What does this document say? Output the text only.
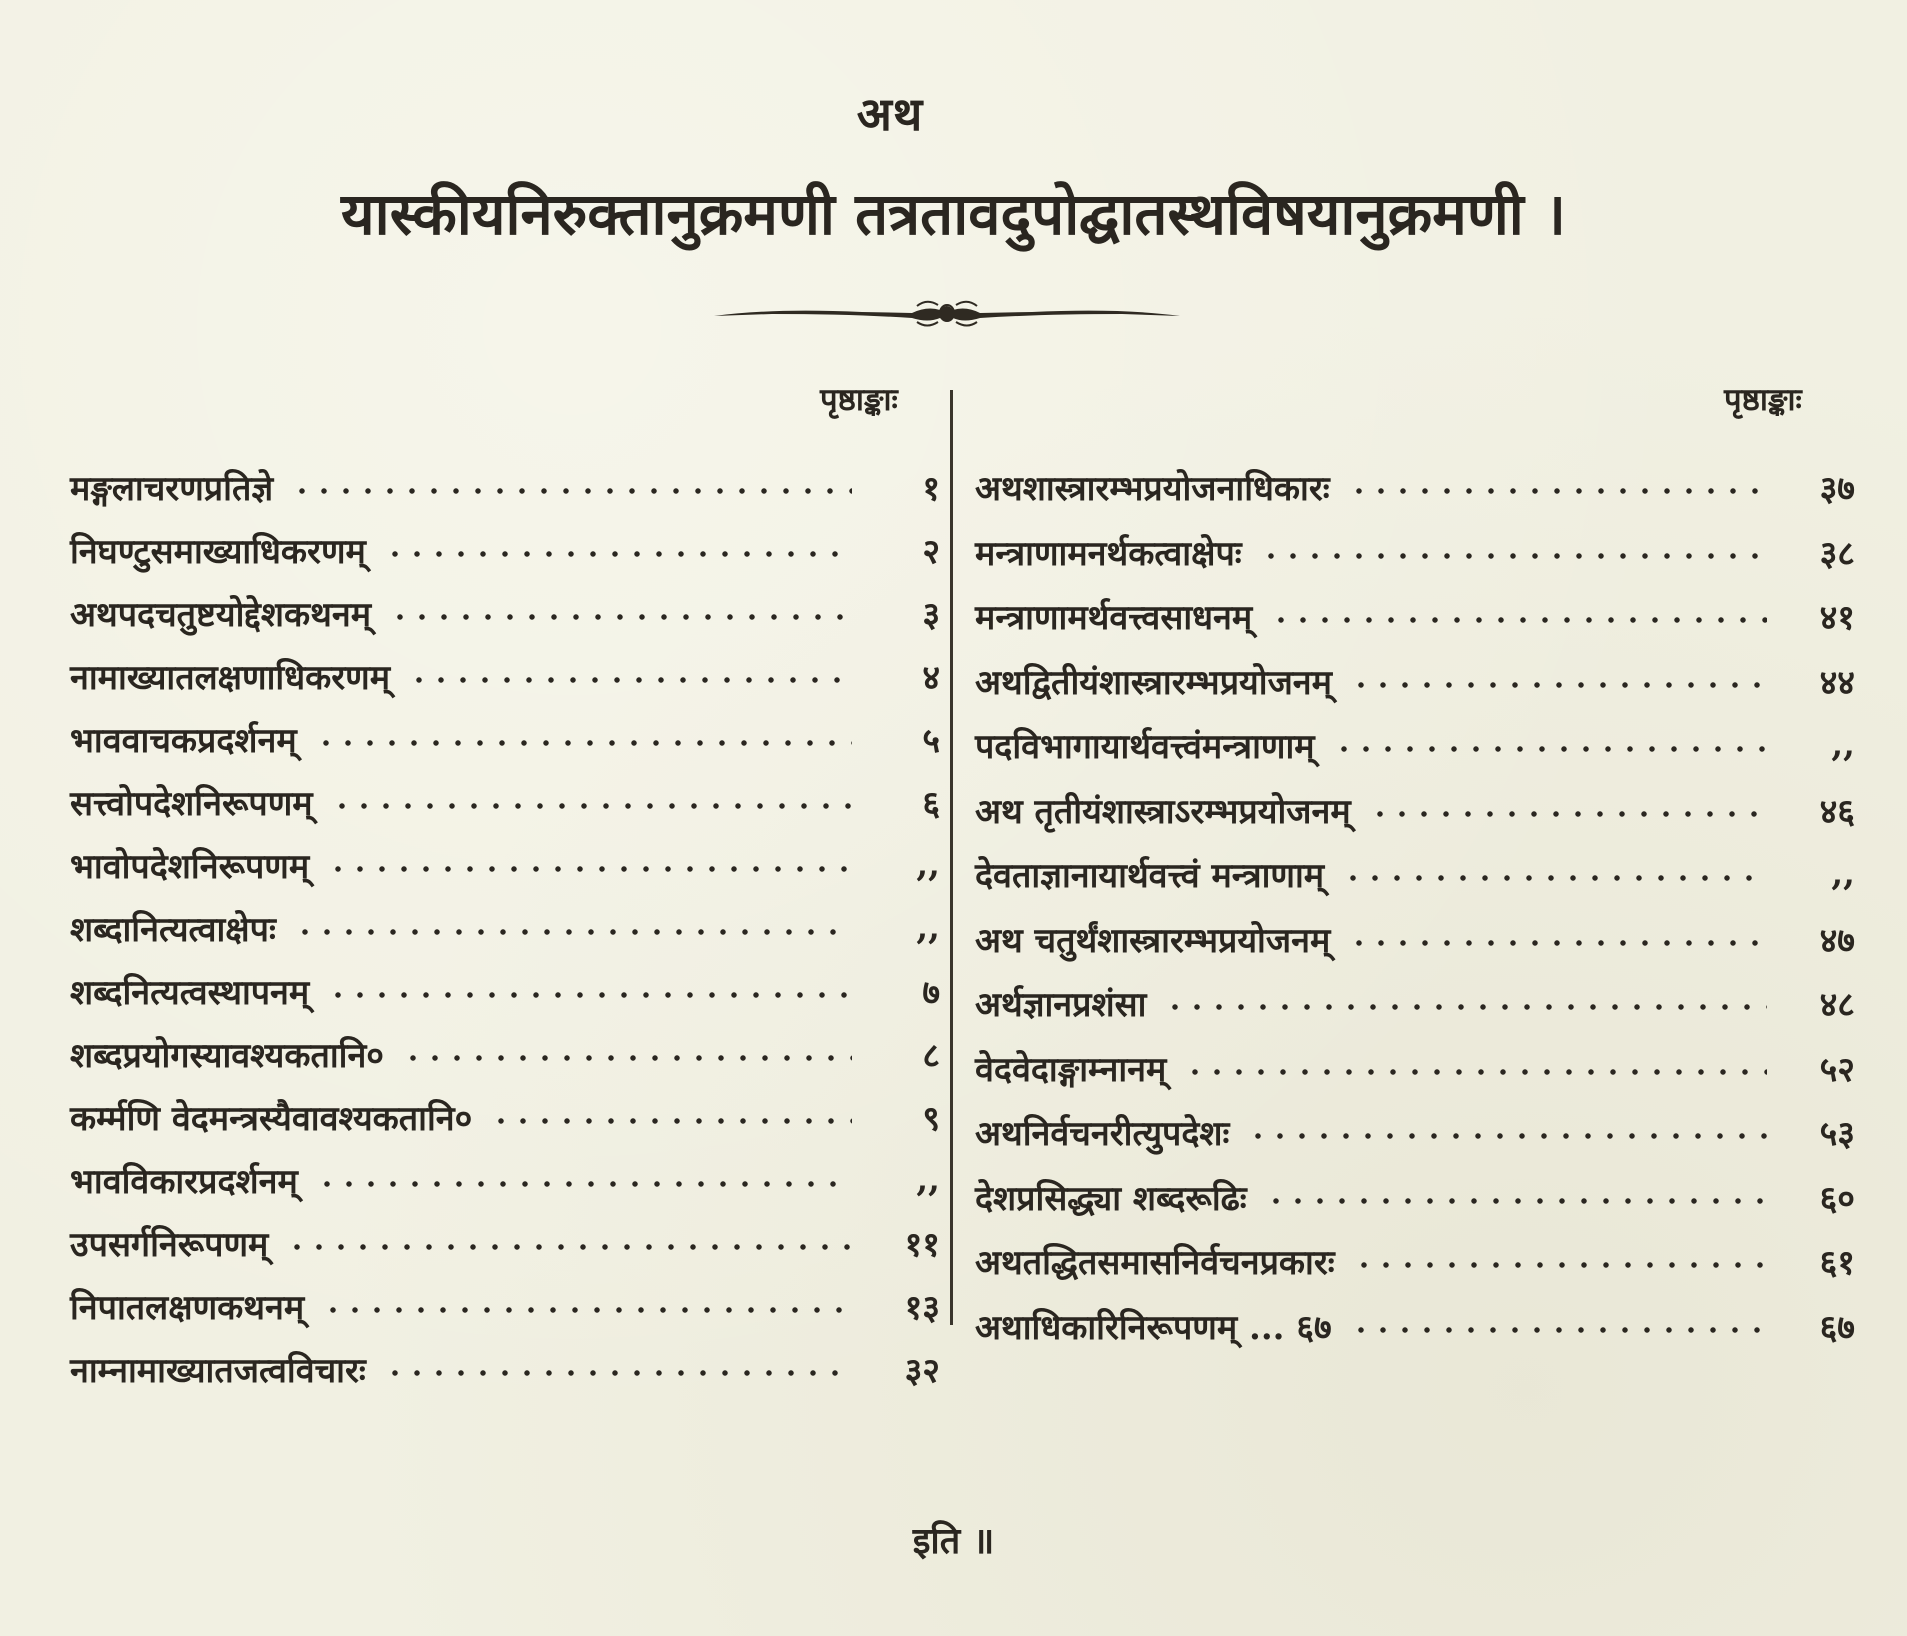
अथ
यास्कीयनिरुक्तानुक्रमणी तत्रतावदुपोद्घातस्थविषयानुक्रमणी ।
पृष्ठाङ्काः	पृष्ठाङ्काः
मङ्गलाचरणप्रतिज्ञे	१
निघण्टुसमाख्याधिकरणम्	२
अथपदचतुष्टयोद्देशकथनम्	३
नामाख्यातलक्षणाधिकरणम्	४
भाववाचकप्रदर्शनम्	५
सत्त्वोपदेशनिरूपणम्	६
भावोपदेशनिरूपणम्	,,
शब्दानित्यत्वाक्षेपः	,,
शब्दनित्यत्वस्थापनम्	७
शब्दप्रयोगस्यावश्यकतानि०	८
कर्म्मणि वेदमन्त्रस्यैवावश्यकतानि०	९
भावविकारप्रदर्शनम्	,,
उपसर्गनिरूपणम्	११
निपातलक्षणकथनम्	१३
नाम्नामाख्यातजत्वविचारः	३२
अथशास्त्रारम्भप्रयोजनाधिकारः	३७
मन्त्राणामनर्थकत्वाक्षेपः	३८
मन्त्राणामर्थवत्त्वसाधनम्	४१
अथद्वितीयंशास्त्रारम्भप्रयोजनम्	४४
पदविभागायार्थवत्त्वंमन्त्राणाम्	,,
अथ तृतीयंशास्त्राऽरम्भप्रयोजनम्	४६
देवताज्ञानायार्थवत्त्वं मन्त्राणाम्	,,
अथ चतुर्थंशास्त्रारम्भप्रयोजनम्	४७
अर्थज्ञानप्रशंसा	४८
वेदवेदाङ्गाम्नानम्	५२
अथनिर्वचनरीत्युपदेशः	५३
देशप्रसिद्ध्या शब्दरूढिः	६०
अथतद्धितसमासनिर्वचनप्रकारः	६१
अथाधिकारिनिरूपणम् ... ६७	६७
इति ॥
